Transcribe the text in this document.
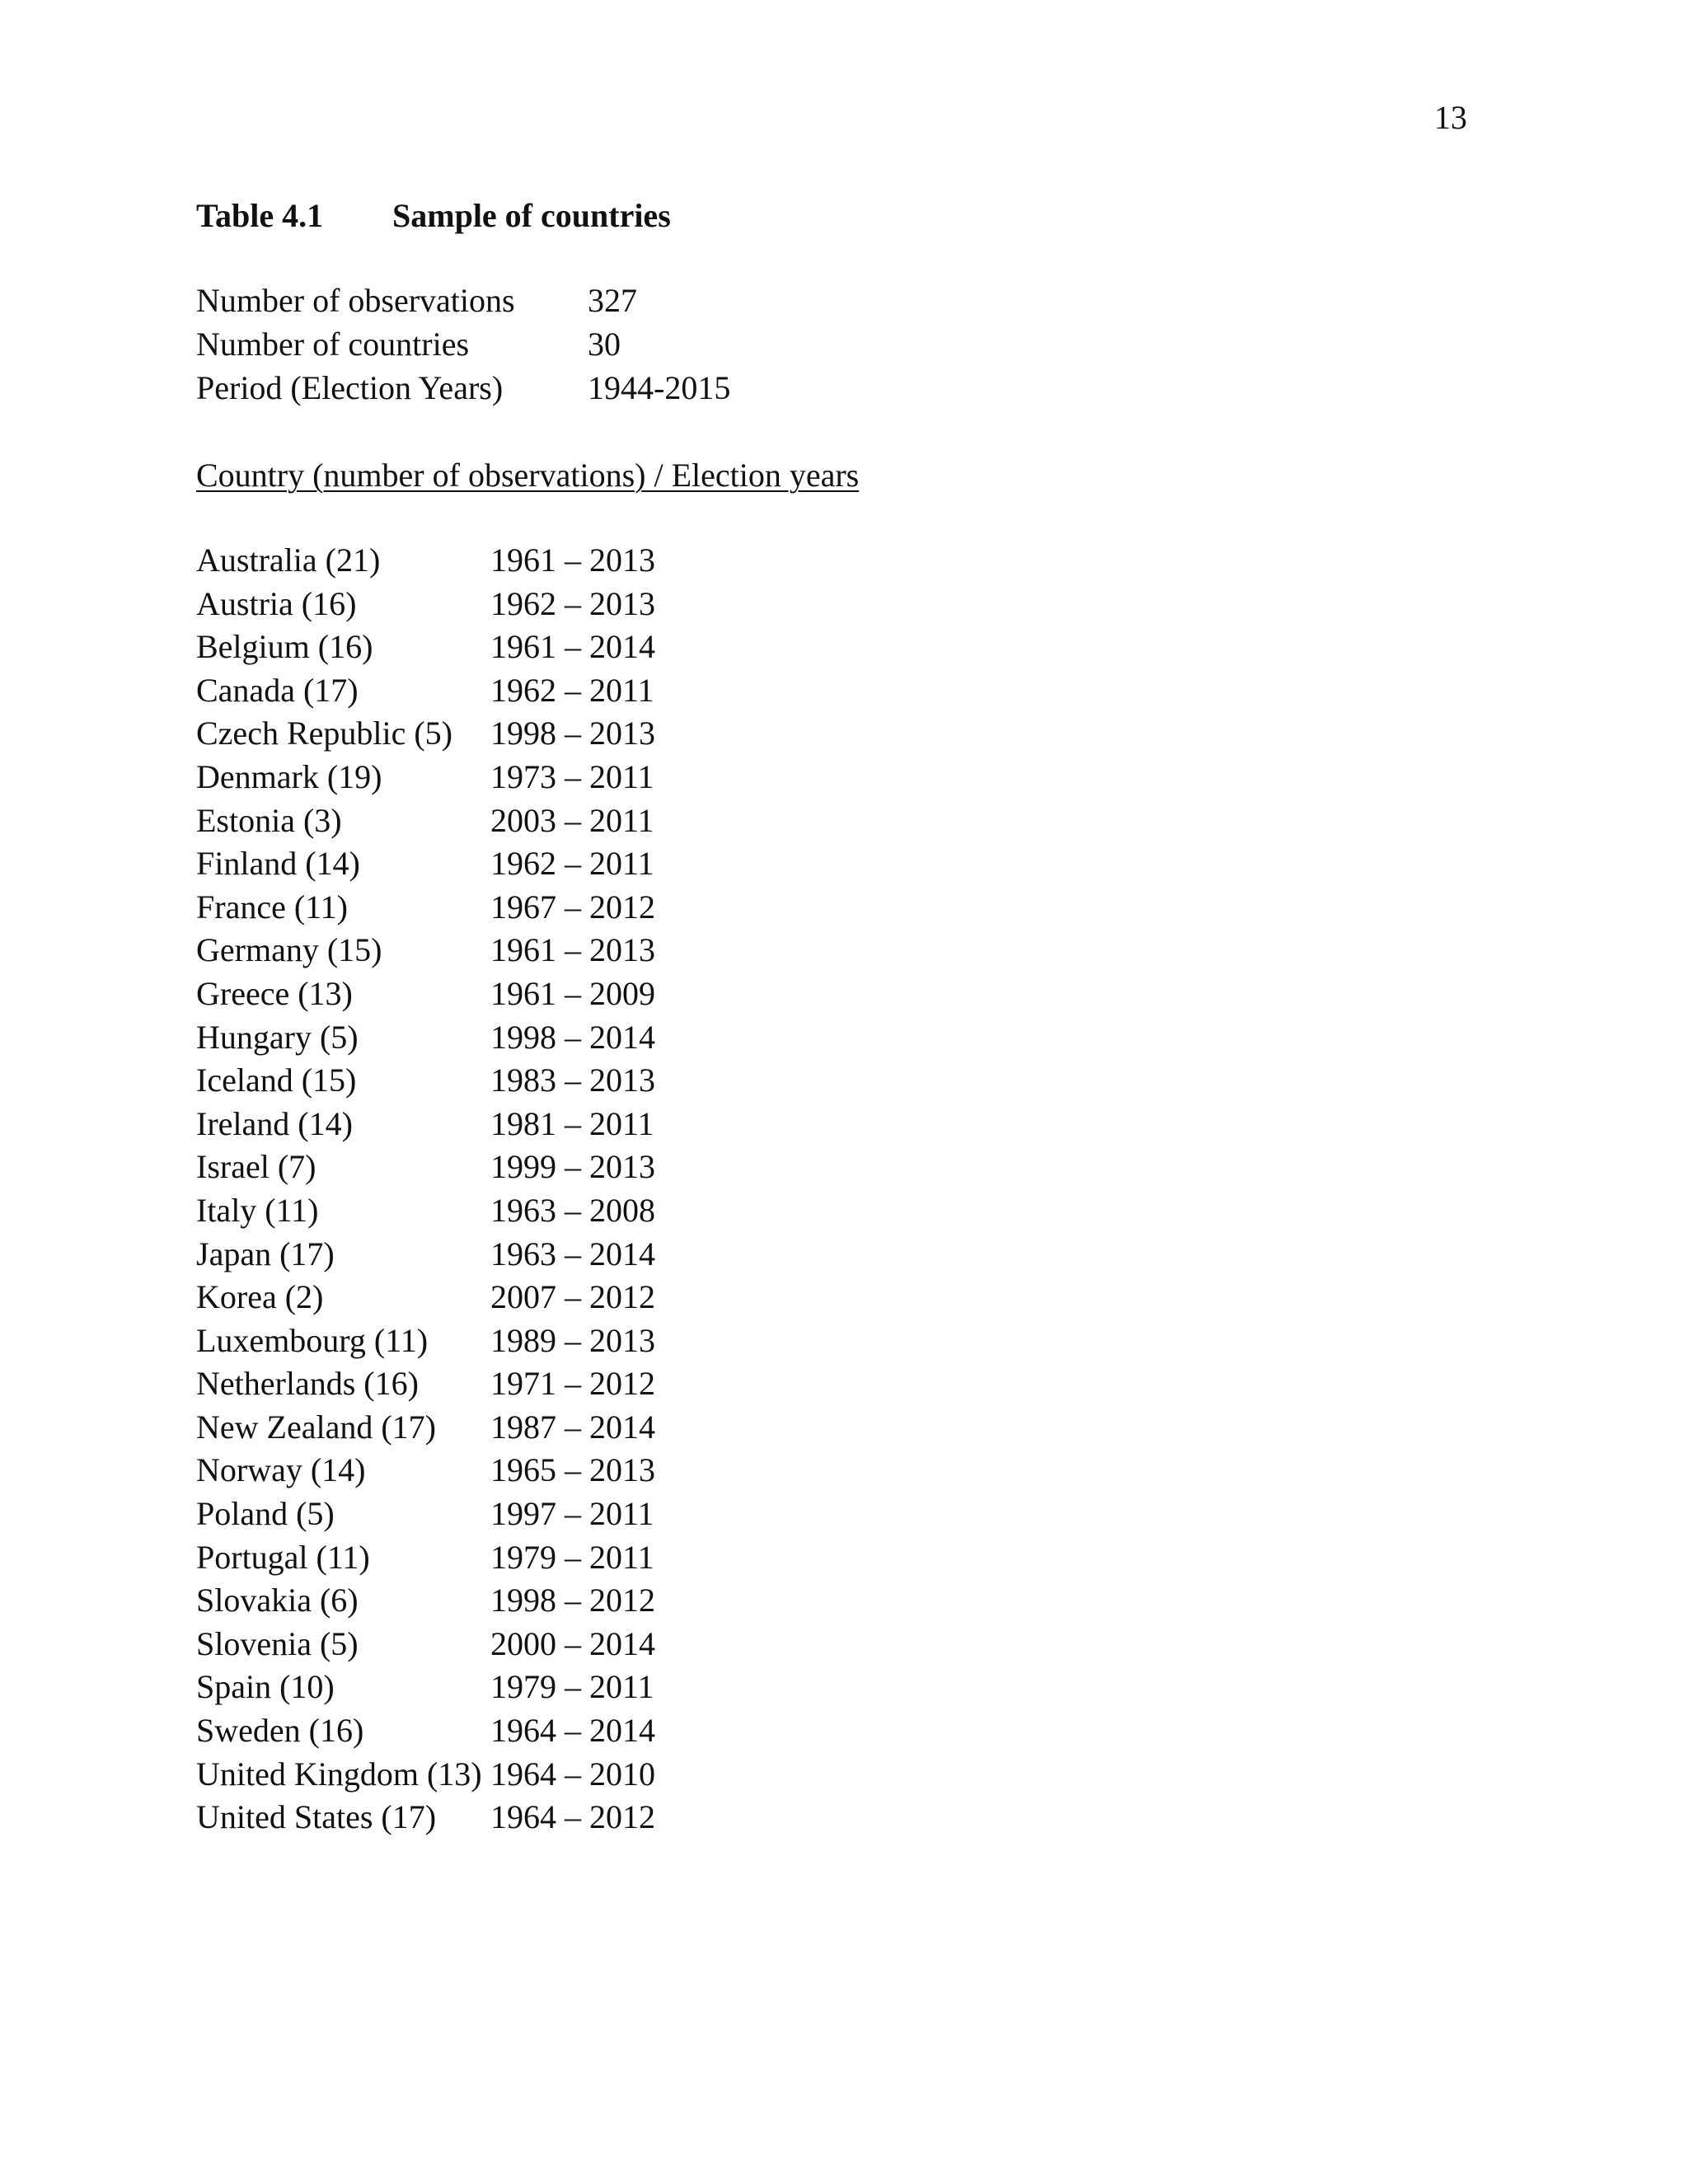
13
Table 4.1 Sample of countries
Number of observations 327
Number of countries	30
Period (Election Years)	1944-2015
Country (number of observations) / Election years
Australia (21)	1961 – 2013
Austria (16)	1962 – 2013
Belgium (16)	1961 – 2014
Canada (17)	1962 – 2011
Czech Republic (5) 1998 – 2013
Denmark (19)	1973 – 2011
Estonia (3)	2003 – 2011
Finland (14)	1962 – 2011
France (11)	1967 – 2012
Germany (15)	1961 – 2013
Greece (13)	1961 – 2009
Hungary (5)	1998 – 2014
Iceland (15)	1983 – 2013
Ireland (14)	1981 – 2011
Israel (7)	1999 – 2013
Italy (11)	1963 – 2008
Japan (17)	1963 – 2014
Korea (2)	2007 – 2012
Luxembourg (11) 1989 – 2013
Netherlands (16) 1971 – 2012
New Zealand (17) 1987 – 2014
Norway (14)	1965 – 2013
Poland (5)	1997 – 2011
Portugal (11)	1979 – 2011
Slovakia (6)	1998 – 2012
Slovenia (5)	2000 – 2014
Spain (10)	1979 – 2011
Sweden (16)	1964 – 2014
United Kingdom (13) 1964 – 2010
United States (17) 1964 – 2012
